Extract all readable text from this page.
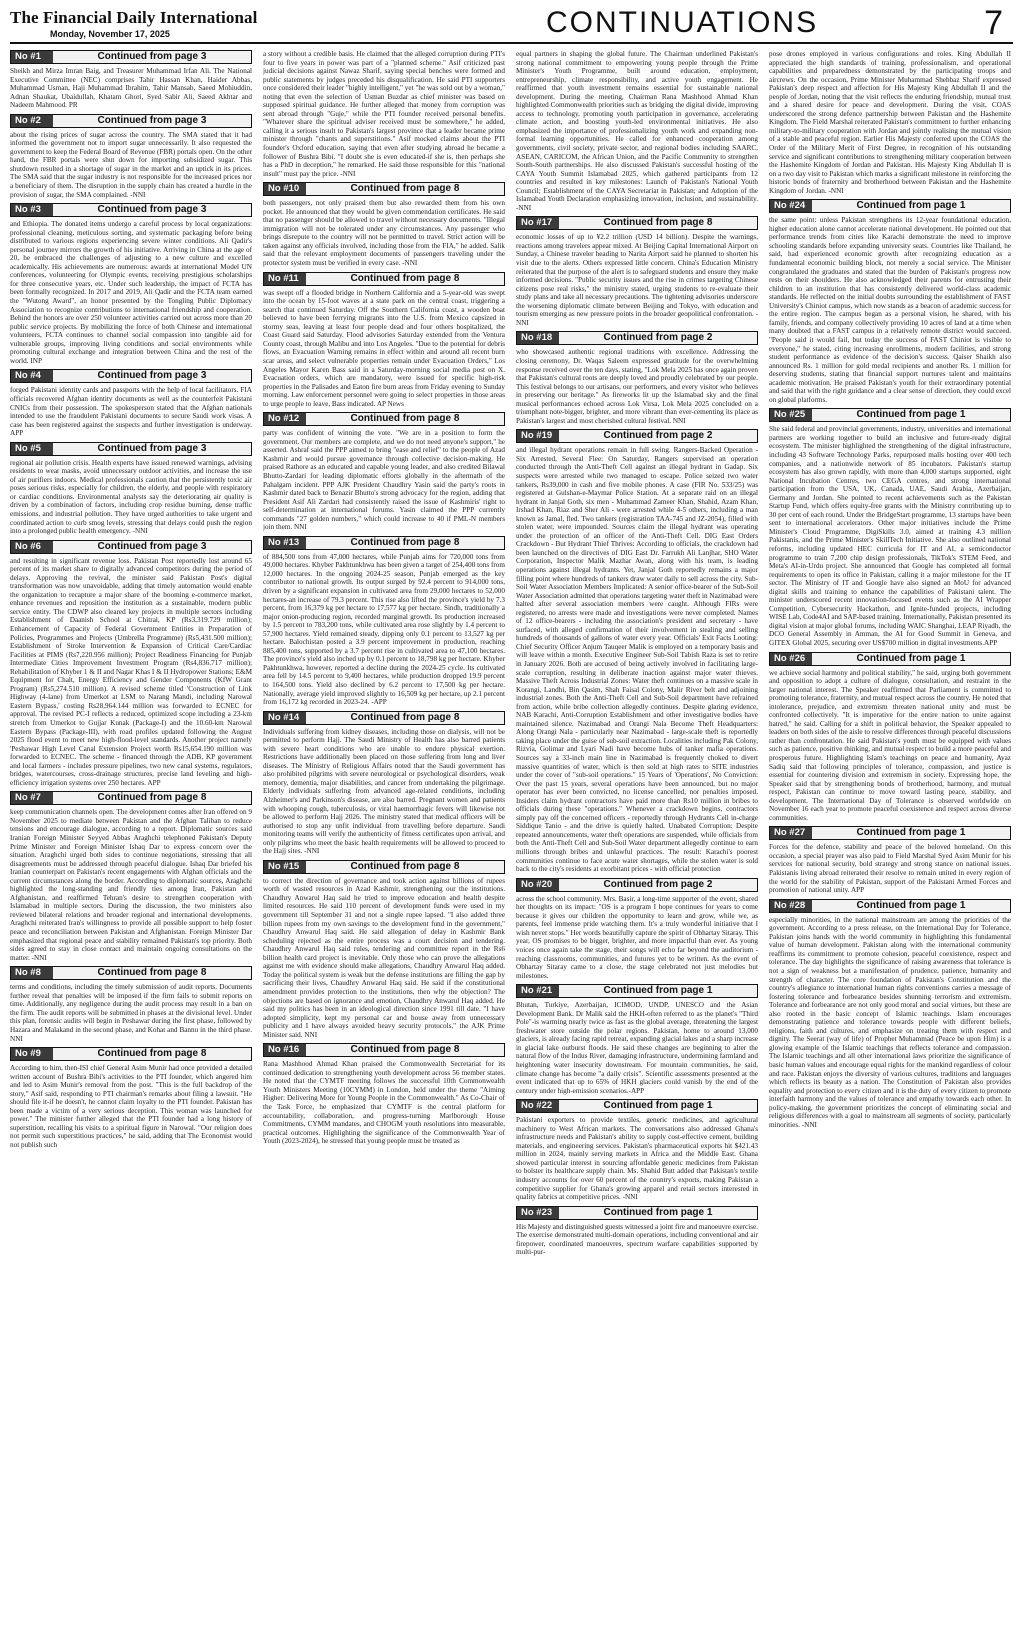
The Financial Daily International
Monday, November 17, 2025	CONTINUATIONS	7
No #1	Continued from page 3

Sheikh and Mirza Imran Baig, and Treasurer Muhammad Irfan Ali. The National Executive Committee (NEC) comprises Tahir Hassan Khan, Haider Abbas, Muhammad Usman, Haji Muhammad Ibrahim, Tahir Mansab, Saeed Mohiuddin, Adnan Shaukat, Ubaidullah, Khatam Ghori, Syed Sabir Ali, Saeed Akhtar and Nadeem Mahmood. PR

No #2	Continued from page 3

about the rising prices of sugar across the country. The SMA stated that it had informed the government not to import sugar unnecessarily. It also requested the government to keep the Federal Board of Revenue (FBR) portals open. On the other hand, the FBR portals were shut down for importing subsidized sugar. This shutdown resulted in a shortage of sugar in the market and an uptick in its prices. The SMA said that the sugar industry is not responsible for the increased prices nor a beneficiary of them. The disruption in the supply chain has created a hurdle in the provision of sugar, the SMA complained. -NNI

No #3	Continued from page 3

and Ethiopia. The donated items undergo a careful process by local organizations: professional cleaning, meticulous sorting, and systematic packaging before being distributed to various regions experiencing severe winter conditions. Ali Qadir's personal journey mirrors the growth of his initiative. Arriving in China at the age of 20, he embraced the challenges of adjusting to a new culture and excelled academically. His achievements are numerous: awards at international Model UN conferences, volunteering for Olympic events, receiving prestigious scholarships for three consecutive years, etc. Under such leadership, the impact of FCTA has been formally recognized. In 2017 and 2019, Ali Qadir and the FCTA team earned the "Wutong Award", an honor presented by the Tongling Public Diplomacy Association to recognize contributions to international friendship and cooperation. Behind the honors are over 250 volunteer activities carried out across more than 20 public service projects. By mobilizing the force of both Chinese and international volunteers, FCTA continues to channel social compassion into tangible aid for vulnerable groups, improving living conditions and social environments while promoting cultural exchange and integration between China and the rest of the world. INP

No #4	Continued from page 3

forged Pakistani identity cards and passports with the help of local facilitators. FIA officials recovered Afghan identity documents as well as the counterfeit Pakistani CNICs from their possession. The spokesperson stated that the Afghan nationals intended to use the fraudulent Pakistani documents to secure Saudi work visas. A case has been registered against the suspects and further investigation is underway. APP

No #5	Continued from page 3

regional air pollution crisis. Health experts have issued renewed warnings, advising residents to wear masks, avoid unnecessary outdoor activities, and increase the use of air purifiers indoors. Medical professionals caution that the persistently toxic air poses serious risks, especially for children, the elderly, and people with respiratory or cardiac conditions. Environmental analysts say the deteriorating air quality is driven by a combination of factors, including crop residue burning, dense traffic emissions, and industrial pollution. They have urged authorities to take urgent and coordinated action to curb smog levels, stressing that delays could push the region into a prolonged public health emergency. -NNI

No #6	Continued from page 3

and resulting in significant revenue loss. Pakistan Post reportedly lost around 65 percent of its market share to digitally advanced competitors during the period of delays. Approving the revival, the minister said Pakistan Post's digital transformation was now unavoidable, adding that timely automation would enable the organization to recapture a major share of the booming e-commerce market, enhance revenues and reposition the institution as a sustainable, modern public service entity. The CDWP also cleared key projects in multiple sectors including Establishment of Daanish School at Chitral, KP (Rs3,319.729 million); Enhancement of Capacity of Federal Government Entities in Preparation of Policies, Programmes and Projects (Umbrella Programme) (Rs5,431.500 million); Establishment of Stroke Intervention & Expansion of Critical Care/Cardiac Facilities at PIMS (Rs7,220.956 million); Project Readiness Financing for Punjab Intermediate Cities Improvement Investment Program (Rs4,836.717 million); Rehabilitation of Khyber 1 & II and Nagar Khas I & II Hydropower Stations; E&M Equipment for Chalt, Energy Efficiency and Gender Components (KfW Grant Program) (Rs5,274.510 million). A revised scheme titled 'Construction of Link Highway (4-lane) from Umerkot at LSM to Narang Mandi, including Narowal Eastern Bypass,' costing Rs28,964.144 million was forwarded to ECNEC for approval. The revised PC-I reflects a reduced, optimized scope including a 23-km stretch from Umerkot to Gujjar Kunak (Package-I) and the 10.60-km Narowal Eastern Bypass (Package-III), with road profiles updated following the August 2025 flood event to meet new high-flood-level standards. Another project namely 'Peshawar High Level Canal Extension Project worth Rs15,654.190 million was forwarded to ECNEC. The scheme - financed through the ADB, KP government and local farmers - includes pressure pipelines, two new canal systems, regulators, bridges, watercourses, cross-drainage structures, precise land leveling and high-efficiency irrigation systems over 250 hectares. APP

No #7	Continued from page 8

keep communication channels open. The development comes after Iran offered on 9 November 2025 to mediate between Pakistan and the Afghan Taliban to reduce tensions and encourage dialogue, according to a report. Diplomatic sources said Iranian Foreign Minister Seyyed Abbas Araghchi telephoned Pakistan's Deputy Prime Minister and Foreign Minister Ishaq Dar to express concern over the situation. Araghchi urged both sides to continue negotiations, stressing that all disagreements must be addressed through peaceful dialogue. Ishaq Dar briefed his Iranian counterpart on Pakistan's recent engagements with Afghan officials and the current circumstances along the border. According to diplomatic sources, Araghchi highlighted the long-standing and friendly ties among Iran, Pakistan and Afghanistan, and reaffirmed Tehran's desire to strengthen cooperation with Islamabad in multiple sectors. During the discussion, the two ministers also reviewed bilateral relations and broader regional and international developments. Araghchi reiterated Iran's willingness to provide all possible support to help foster peace and reconciliation between Pakistan and Afghanistan. Foreign Minister Dar emphasized that regional peace and stability remained Pakistan's top priority. Both sides agreed to stay in close contact and maintain ongoing consultations on the matter. -NNI

No #8	Continued from page 8

terms and conditions, including the timely submission of audit reports. Documents further reveal that penalties will be imposed if the firm fails to submit reports on time. Additionally, any negligence during the audit process may result in a ban on the firm. The audit reports will be submitted in phases at the divisional level. Under this plan, forensic audits will begin in Peshawar during the first phase, followed by Hazara and Malakand in the second phase, and Kohat and Bannu in the third phase. NNI

No #9	Continued from page 8

According to him, then-ISI chief General Asim Munir had once provided a detailed written account of Bushra Bibi's activities to the PTI founder, which angered him and led to Asim Munir's removal from the post. "This is the full backdrop of the story," Asif said, responding to PTI chairman's remarks about filing a lawsuit. "He should file it-if he doesn't, he cannot claim loyalty to the PTI founder. Pakistan has been made a victim of a very serious deception. This woman was launched for power." The minister further alleged that the PTI founder had a long history of superstition, recalling his visits to a spiritual figure in Narowal. "Our religion does not permit such superstitious practices," he said, adding that The Economist would not publish such

a story without a credible basis. He claimed that the alleged corruption during PTI's four to five years in power was part of a "planned scheme." Asif criticized past judicial decisions against Nawaz Sharif, saying special benches were formed and public statements by judges preceded his disqualification. He said PTI supporters once considered their leader "highly intelligent," yet "he was sold out by a woman," noting that even the selection of Usman Buzdar as chief minister was based on supposed spiritual guidance. He further alleged that money from corruption was sent abroad through "Guje," while the PTI founder received personal benefits. "Whatever share the spiritual adviser received must be somewhere," he added, calling it a serious insult to Pakistan's largest province that a leader became prime minister through "chants and superstitions." Asif mocked claims about the PTI founder's Oxford education, saying that even after studying abroad he became a follower of Bushra Bibi. "I doubt she is even educated-if she is, then perhaps she has a PhD in deception," he remarked. He said those responsible for this "national insult" must pay the price. -NNI

No #10	Continued from page 8

both passengers, not only praised them but also rewarded them from his own pocket. He announced that they would be given commendation certificates. He said that no passenger should be allowed to travel without necessary documents. "Illegal immigration will not be tolerated under any circumstances. Any passenger who brings disrepute to the country will not be permitted to travel. Strict action will be taken against any officials involved, including those from the FIA," he added. Salik said that the relevant employment documents of passengers traveling under the protector system must be verified in every case. -NNI

No #11	Continued from page 8

was swept off a flooded bridge in Northern California and a 5-year-old was swept into the ocean by 15-foot waves at a state park on the central coast, triggering a search that continued Saturday. Off the Southern California coast, a wooden boat believed to have been ferrying migrants into the U.S. from Mexico capsized in stormy seas, leaving at least four people dead and four others hospitalized, the Coast Guard said Saturday. Flood advisories Saturday extended from the Ventura County coast, through Malibu and into Los Angeles. "Due to the potential for debris flows, an Evacuation Warning remains in effect within and around all recent burn scar areas, and select vulnerable properties remain under Evacuation Orders," Los Angeles Mayor Karen Bass said in a Saturday-morning social media post on X. Evacuation orders, which are mandatory, were issued for specific high-risk properties in the Palisades and Eaton fire burn areas from Friday evening to Sunday morning. Law enforcement personnel were going to select properties in those areas to urge people to leave, Bass indicated. AP News

No #12	Continued from page 8

party was confident of winning the vote. "We are in a position to form the government. Our members are complete, and we do not need anyone's support," he asserted. Ashraf said the PPP aimed to bring "ease and relief" to the people of Azad Kashmir and would pursue governance through collective decision-making. He praised Rathore as an educated and capable young leader, and also credited Bilawal Bhutto-Zardari for leading diplomatic efforts globally in the aftermath of the Pahalgam incident. PPP AJK President Chaudhry Yasin said the party's roots in Kashmir dated back to Benazir Bhutto's strong advocacy for the region, adding that President Asif Ali Zardari had consistently raised the issue of Kashmiris' right to self-determination at international forums. Yasin claimed the PPP currently commands "27 golden numbers," which could increase to 40 if PML-N members join them. NNI

No #13	Continued from page 8

of 884,500 tons from 47,000 hectares, while Punjab aims for 720,000 tons from 49,000 hectares. Khyber Pakhtunkhwa has been given a target of 254,400 tons from 12,000 hectares. In the ongoing 2024-25 season, Punjab emerged as the key contributor to national growth. Its output surged by 92.4 percent to 914,000 tons, driven by a significant expansion in cultivated area from 29,000 hectares to 52,000 hectares-an increase of 79.3 percent. This rise also lifted the province's yield by 7.3 percent, from 16,379 kg per hectare to 17,577 kg per hectare. Sindh, traditionally a major onion-producing region, recorded marginal growth. Its production increased by 1.5 percent to 783,200 tons, while cultivated area rose slightly by 1.4 percent to 57,900 hectares. Yield remained steady, dipping only 0.1 percent to 13,527 kg per hectare. Balochistan posted a 3.9 percent improvement in production, reaching 885,400 tons, supported by a 3.7 percent rise in cultivated area to 47,100 hectares. The province's yield also inched up by 0.1 percent to 18,798 kg per hectare. Khyber Pakhtunkhwa, however, reported a decline during the 2024-25 cycle. Its cultivated area fell by 14.5 percent to 9,400 hectares, while production dropped 19.9 percent to 164,500 tons. Yield also declined by 6.2 percent to 17,500 kg per hectare. Nationally, average yield improved slightly to 16,509 kg per hectare, up 2.1 percent from 16,172 kg recorded in 2023-24. -APP

No #14	Continued from page 8

Individuals suffering from kidney diseases, including those on dialysis, will not be permitted to perform Hajj. The Saudi Ministry of Health has also barred patients with severe heart conditions who are unable to endure physical exertion. Restrictions have additionally been placed on those suffering from lung and liver diseases. The Ministry of Religious Affairs noted that the Saudi government has also prohibited pilgrims with severe neurological or psychological disorders, weak memory, dementia, major disabilities, and cancer from undertaking the pilgrimage. Elderly individuals suffering from advanced age-related conditions, including Alzheimer's and Parkinson's disease, are also barred. Pregnant women and patients with whooping cough, tuberculosis, or viral haemorrhagic fevers will likewise not be allowed to perform Hajj 2026. The ministry stated that medical officers will be authorised to stop any unfit individual from travelling before departure. Saudi monitoring teams will verify the authenticity of fitness certificates upon arrival, and only pilgrims who meet the basic health requirements will be allowed to proceed to the Hajj sites. -NNI

No #15	Continued from page 8

to correct the direction of governance and took action against billions of rupees worth of wasted resources in Azad Kashmir, strengthening our the institutions. Chaudhry Anwarul Haq said he tried to improve education and health despite limited resources. He said 110 percent of development funds were used in my government till September 31 and not a single rupee lapsed. "I also added three billion rupees from my own savings to the development fund in the government," Chaudhry Anwarul Haq said. He said allegation of delay in Kashmir Bank scheduling rejected as the entire process was a court decision and tendering. Chaudhry Anwarul Haq said rules, tendering and committee report in the Rs6 billion health card project is inevitable. Only those who can prove the allegations against me with evidence should make allegations, Chaudhry Anwarul Haq added. Today the political system is weak but the defense institutions are filling the gap by sacrificing their lives, Chaudhry Anwarul Haq said. He said if the constitutional amendment provides protection to the institutions, then why the objection? The objections are based on ignorance and emotion, Chaudhry Anwarul Haq added. He said my politics has been in an ideological direction since 1991 till date. "I have adopted simplicity, kept my personal car and house away from unnecessary publicity and I have always avoided heavy security protocols," the AJK Prime Minister said. NNI

No #16	Continued from page 8

Rana Mashhood Ahmad Khan praised the Commonwealth Secretariat for its continued dedication to strengthening youth development across 56 member states. He noted that the CYMTF meeting follows the successful 10th Commonwealth Youth Ministers Meeting (10CYMM) in London, held under the theme "Aiming Higher: Delivering More for Young People in the Commonwealth." As Co-Chair of the Task Force, he emphasized that CYMTF is the central platform for accountability, collaboration, and progress-turning Marlborough House Commitments, CYMM mandates, and CHOGM youth resolutions into measurable, practical outcomes. Highlighting the significance of the Commonwealth Year of Youth (2023-2024), he stressed that young people must be treated as

equal partners in shaping the global future. The Chairman underlined Pakistan's strong national commitment to empowering young people through the Prime Minister's Youth Programme, built around education, employment, entrepreneurship, climate responsibility, and active youth engagement. He reaffirmed that youth investment remains essential for sustainable national development. During the meeting, Chairman Rana Mashhood Ahmad Khan highlighted Commonwealth priorities such as bridging the digital divide, improving access to technology, promoting youth participation in governance, accelerating climate action, and boosting youth-led environmental initiatives. He also emphasized the importance of professionalizing youth work and expanding non-formal learning opportunities. He called for enhanced cooperation among governments, civil society, private sector, and regional bodies including SAARC, ASEAN, CARICOM, the African Union, and the Pacific Community to strengthen South-South partnerships. He also discussed Pakistan's successful hosting of the CAYA Youth Summit Islamabad 2025, which gathered participants from 12 countries and resulted in key milestones: Launch of Pakistan's National Youth Council; Establishment of the CAYA Secretariat in Pakistan; and Adoption of the Islamabad Youth Declaration emphasizing innovation, inclusion, and sustainability. -NNI

No #17	Continued from page 8

economic losses of up to ¥2.2 trillion (USD 14 billion). Despite the warnings, reactions among travelers appear mixed. At Beijing Capital International Airport on Sunday, a Chinese traveler heading to Narita Airport said he planned to shorten his visit due to the alerts. Others expressed little concern. China's Education Ministry reiterated that the purpose of the alert is to safeguard students and ensure they make informed decisions. "Public security issues and the rise in crimes targeting Chinese citizens pose real risks," the ministry stated, urging students to re-evaluate their study plans and take all necessary precautions. The tightening advisories underscore the worsening diplomatic climate between Beijing and Tokyo, with education and tourism emerging as new pressure points in the broader geopolitical confrontation. -NNI

No #18	Continued from page 2

who showcased authentic regional traditions with excellence. Addressing the closing ceremony, Dr. Waqas Saleem expressed gratitude for the overwhelming response received over the ten days, stating, "Lok Mela 2025 has once again proven that Pakistan's cultural roots are deeply loved and proudly celebrated by our people. This festival belongs to our artisans, our performers, and every visitor who believes in preserving our heritage." As fireworks lit up the Islamabad sky and the final musical performances echoed across Lok Virsa, Lok Mela 2025 concluded on a triumphant note-bigger, brighter, and more vibrant than ever-cementing its place as Pakistan's largest and most cherished cultural festival. NNI

No #19	Continued from page 2

and illegal hydrant operations remain in full swing. Rangers-Backed Operation - Six Arrested, Several Flee: On Saturday, Rangers supervised an operation conducted through the Anti-Theft Cell against an illegal hydrant in Gadap. Six suspects were arrested while two managed to escape. Police seized two water tankers, Rs39,000 in cash and five mobile phones. A case (FIR No. 533/25) was registered at Gulshan-e-Maymar Police Station. At a separate raid on an illegal hydrant in Janjal Goth, six men - Muhammad Zameer Khan, Shahid, Azam Khan, Irshad Khan, Riaz and Sher Ali - were arrested while 4-5 others, including a man known as Jamal, fled. Two tankers (registration TAA-745 and JZ-2054), filled with stolen water, were impounded. Sources claim the illegal hydrant was operating under the protection of an officer of the Anti-Theft Cell. DIG East Orders Crackdown - But Hydrant Thief Thrives: According to officials, the crackdown had been launched on the directives of DIG East Dr. Farrukh Ali Lanjhar, SHO Water Corporation, Inspector Malik Mazhar Awan, along with his team, is leading operations against illegal hydrants. Yet, Janjal Goth reportedly remains a major filling point where hundreds of tankers draw water daily to sell across the city. Sub-Soil Water Association Members Implicated: A senior office-bearer of the Sub-Soil Water Association admitted that operations targeting water theft in Nazimabad were halted after several association members were caught. Although FIRs were registered, no arrests were made and investigations were never completed. Names of 12 office-bearers - including the association's president and secretary - have surfaced, with alleged confirmation of their involvement in stealing and selling hundreds of thousands of gallons of water every year. Officials' Exit Facts Looting: Chief Security Officer Anjum Tauqeer Malik is employed on a temporary basis and will leave within a month. Executive Engineer Sub-Soil Tabish Raza is set to retire in January 2026. Both are accused of being actively involved in facilitating large-scale corruption, resulting in deliberate inaction against major water thieves. Massive Theft Across Industrial Zones: Water theft continues on a massive scale in Korangi, Landhi, Bin Qasim, Shah Faisal Colony, Malir River belt and adjoining industrial zones. Both the Anti-Theft Cell and Sub-Soil department have refrained from action, while bribe collection allegedly continues. Despite glaring evidence, NAB Karachi, Anti-Corruption Establishment and other investigative bodies have maintained silence. Nazimabad and Orangi Nala Become Theft Headquarters: Along Orangi Nala - particularly near Nazimabad - large-scale theft is reportedly taking place under the guise of sub-soil extraction. Localities including Pak Colony, Rizvia, Golimar and Lyari Nadi have become hubs of tanker mafia operations. Sources say a 33-inch main line in Nazimabad is frequently choked to divert massive quantities of water, which is then sold at high rates to SITE industries under the cover of "sub-soil operations." 15 Years of 'Operations', No Conviction: Over the past 15 years, several operations have been announced, but no major operator has ever been convicted, no license cancelled, nor penalties imposed. Insiders claim hydrant contractors have paid more than Rs10 million in bribes to officials during these "operations." Whenever a crackdown begins, contractors simply pay off the concerned officers - reportedly through Hydrants Cell in-charge Siddique Tanio - and the drive is quietly halted. Unabated Corruption: Despite repeated announcements, water theft operations are suspended, while officials from both the Anti-Theft Cell and Sub-Soil Water department allegedly continue to earn millions through bribes and unlawful practices. The result: Karachi's poorest communities continue to face acute water shortages, while the stolen water is sold back to the city's residents at exorbitant prices - with official protection

No #20	Continued from page 2

across the school community. Mrs. Basir, a long-time supporter of the event, shared her thoughts on its impact: "OS is a program I hope continues for years to come because it gives our children the opportunity to learn and grow, while we, as parents, feel immense pride watching them. It's a truly wonderful initiative that I wish never stops." Her words beautifully capture the spirit of Obhartay Sitaray. This year, OS promises to be bigger, brighter, and more impactful than ever. As young voices once again take the stage, their songs will echo far beyond the auditorium - reaching classrooms, communities, and futures yet to be written. As the event of Obhartay Sitaray came to a close, the stage celebrated not just melodies but milestones.

No #21	Continued from page 1

Bhutan, Turkiye, Azerbaijan, ICIMOD, UNDP, UNESCO and the Asian Development Bank. Dr Malik said the HKH-often referred to as the planet's "Third Pole"-is warming nearly twice as fast as the global average, threatening the largest freshwater store outside the polar regions. Pakistan, home to around 13,000 glaciers, is already facing rapid retreat, expanding glacial lakes and a sharp increase in glacial lake outburst floods. He said these changes are beginning to alter the natural flow of the Indus River, damaging infrastructure, undermining farmland and heightening water insecurity downstream. For mountain communities, he said, climate change has become "a daily crisis". Scientific assessments presented at the event indicated that up to 65% of HKH glaciers could vanish by the end of the century under high-emission scenarios.-APP

No #22	Continued from page 1

Pakistani exporters to provide textiles, generic medicines, and agricultural machinery to West African markets. The conversations also addressed Ghana's infrastructure needs and Pakistan's ability to supply cost-effective cement, building materials, and engineering services. Pakistan's pharmaceutical exports hit $421.43 million in 2024, mainly serving markets in Africa and the Middle East. Ghana showed particular interest in sourcing affordable generic medicines from Pakistan to bolster its healthcare supply chain. Ms. Shahid Butt added that Pakistan's textile industry accounts for over 60 percent of the country's exports, making Pakistan a competitive supplier for Ghana's growing apparel and retail sectors interested in quality fabrics at competitive prices. -NNI

No #23	Continued from page 1

His Majesty and distinguished guests witnessed a joint fire and manoeuvre exercise. The exercise demonstrated multi-domain operations, including conventional and air firepower, coordinated manoeuvres, spectrum warfare capabilities supported by multi-pur-

pose drones employed in various configurations and roles. King Abdullah II appreciated the high standards of training, professionalism, and operational capabilities and preparedness demonstrated by the participating troops and aircrews. On the occasion, Prime Minister Muhammad Shehbaz Sharif expressed Pakistan's deep respect and affection for His Majesty King Abdullah II and the people of Jordan, noting that the visit reflects the enduring friendship, mutual trust and a shared desire for peace and development. During the visit, COAS underscored the strong defence partnership between Pakistan and the Hashemite Kingdom. The Field Marshal reiterated Pakistan's commitment to further enhancing military-to-military cooperation with Jordan and jointly realising the mutual vision of a stable and peaceful region. Earlier His Majesty conferred upon the COAS the Order of the Military Merit of First Degree, in recognition of his outstanding service and significant contributions to strengthening military cooperation between the Hashemite Kingdom of Jordan and Pakistan. His Majesty King Abdullah II is on a two day visit to Pakistan which marks a significant milestone in reinforcing the historic bonds of fraternity and brotherhood between Pakistan and the Hashemite Kingdom of Jordan. -NNI

No #24	Continued from page 1

the same point: unless Pakistan strengthens its 12-year foundational education, higher education alone cannot accelerate national development. He pointed out that performance trends from cities like Karachi demonstrate the need to improve schooling standards before expanding university seats. Countries like Thailand, he said, had experienced economic growth after recognizing education as a fundamental economic building block, not merely a social service. The Minister congratulated the graduates and stated that the burden of Pakistan's progress now rests on their shoulders. He also acknowledged their parents for entrusting their children to an institution that has consistently delivered world-class academic standards. He reflected on the initial doubts surrounding the establishment of FAST University's Chiniot campus, which now stands as a beacon of academic success for the entire region. The campus began as a personal vision, he shared, with his family, friends, and company collectively providing 10 acres of land at a time when many doubted that a FAST campus in a relatively remote district would succeed. "People said it would fail, but today the success of FAST Chiniot is visible to everyone," he stated, citing increasing enrollments, modern facilities, and strong student performance as evidence of the decision's success. Qaiser Shaikh also announced Rs. 1 million for gold medal recipients and another Rs. 1 million for deserving students, stating that financial support nurtures talent and maintains academic motivation. He praised Pakistan's youth for their extraordinary potential and said that with the right guidance and a clear sense of direction, they could excel on global platforms.

No #25	Continued from page 1

She said federal and provincial governments, industry, universities and international partners are working together to build an inclusive and future-ready digital ecosystem. The minister highlighted the strengthening of the digital infrastructure, including 43 Software Technology Parks, repurposed malls hosting over 400 tech companies, and a nationwide network of 85 incubators. Pakistan's startup ecosystem has also grown rapidly, with more than 4,000 startups supported, eight National Incubation Centres, two CEGA centres, and strong international participation from the USA, UK, Canada, UAE, Saudi Arabia, Azerbaijan, Germany and Jordan. She pointed to recent achievements such as the Pakistan Startup Fund, which offers equity-free grants with the Ministry contributing up to 30 per cent of each round. Under the BridgeStart programme, 13 startups have been sent to international accelerators. Other major initiatives include the Prime Minister's Cloud Programme, DigiSkills 3.0, aimed at training 4.3 million Pakistanis, and the Prime Minister's SkillTech Initiative. She also outlined national reforms, including updated HEC curricula for IT and AI, a semiconductor programme to train 7,200 chip design professionals, TikTok's STEM Feed, and Meta's AI-in-Urdu project. She announced that Google has completed all formal requirements to open its office in Pakistan, calling it a major milestone for the IT sector. The Ministry of IT and Google have also signed an MoU for advanced digital skills and training to enhance the capabilities of Pakistani talent. The minister underscored recent innovation-focused events such as the AI Wrapper Competition, Cybersecurity Hackathon, and Ignite-funded projects, including WISE Lab, Code4AI and SAP-based training. Internationally, Pakistan presented its digital vision at major global forums, including WAIC Shanghai, LEAP Riyadh, the DCO General Assembly in Amman, the AI for Good Summit in Geneva, and GITEX Global 2025, securing over US$700 million in digital investments.APP

No #26	Continued from page 1

we achieve social harmony and political stability," he said, urging both government and opposition to adopt a culture of dialogue, consultation, and restraint in the larger national interest. The Speaker reaffirmed that Parliament is committed to promoting tolerance, fraternity, and mutual respect across the country. He noted that intolerance, prejudice, and extremism threaten national unity and must be confronted collectively. "It is imperative for the entire nation to unite against hatred," he said. Calling for a shift in political behavior, the Speaker appealed to leaders on both sides of the aisle to resolve differences through peaceful discussions rather than confrontation. He said Pakistan's youth must be equipped with values such as patience, positive thinking, and mutual respect to build a more peaceful and prosperous future. Highlighting Islam's teachings on peace and humanity, Ayaz Sadiq said that following principles of tolerance, compassion, and justice is essential for countering division and extremism in society. Expressing hope, the Speaker said that by strengthening bonds of brotherhood, harmony, and mutual respect, Pakistan can continue to move toward lasting peace, stability, and development. The International Day of Tolerance is observed worldwide on November 16 each year to promote peaceful coexistence and respect across diverse communities.

No #27	Continued from page 1

Forces for the defence, stability and peace of the beloved homeland. On this occasion, a special prayer was also paid to Field Marshal Syed Asim Munir for his services for national security, bold strategy and strong stance on national issues. Pakistanis living abroad reiterated their resolve to remain united in every region of the world for the stability of Pakistan, support of the Pakistani Armed Forces and promotion of national unity. APP

No #28	Continued from page 1

especially minorities, in the national mainstream are among the priorities of the government. According to a press release, on the International Day for Tolerance, Pakistan joins hands with the world community in highlighting this fundamental value of human development. Pakistan along with the international community reaffirms its commitment to promote cohesion, peaceful coexistence, respect and tolerance. The day highlights the significance of raising awareness that tolerance is not a sign of weakness but a manifestation of prudence, patience, humanity and strength of character. The core foundation of Pakistan's Constitution and the country's allegiance to international human rights conventions carries a message of fostering tolerance and forbearance besides shunning terrorism and extremism. Tolerance and forbearance are not only good moral and social virtues, but these are also rooted in the basic concept of Islamic teachings. Islam encourages demonstrating patience and tolerance towards people with different beliefs, religions, faith and cultures, and emphasize on treating them with respect and dignity. The Seerat (way of life) of Prophet Muhammad (Peace be upon Him) is a glowing example of the Islamic teachings that reflects tolerance and compassion. The Islamic teachings and all other international laws prioritize the significance of basic human values and encourage equal rights for the mankind regardless of colour and race. Pakistan enjoys the diversity of various cultures, traditions and languages which reflects its beauty as a nation. The Constitution of Pakistan also provides equality and protection to every citizen and it is the duty of every citizen to promote interfaith harmony and the values of tolerance and empathy towards each other. In policy-making, the government prioritizes the concept of eliminating social and religious differences with a goal to mainstream all segments of society, particularly minorities. -NNI
